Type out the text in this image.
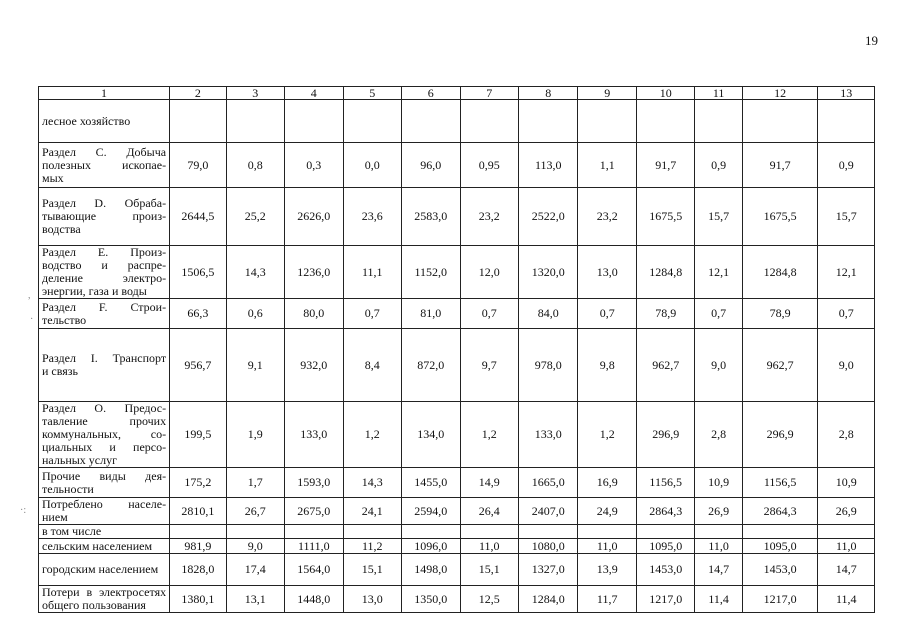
19
,
·
·:
1	2	3	4	5	6	7	8	9	10	11	12	13

лесное хозяйство												

Раздел C. Добыча
полезных ископае-
мых	79,0	0,8	0,3	0,0	96,0	0,95	113,0	1,1	91,7	0,9	91,7	0,9

Раздел D. Обраба-
тывающие произ-
водства	2644,5	25,2	2626,0	23,6	2583,0	23,2	2522,0	23,2	1675,5	15,7	1675,5	15,7

Раздел E. Произ-
водство и распре-
деление электро-
энергии, газа и воды	1506,5	14,3	1236,0	11,1	1152,0	12,0	1320,0	13,0	1284,8	12,1	1284,8	12,1

Раздел F. Строи-
тельство	66,3	0,6	80,0	0,7	81,0	0,7	84,0	0,7	78,9	0,7	78,9	0,7

Раздел I. Транспорт
и связь	956,7	9,1	932,0	8,4	872,0	9,7	978,0	9,8	962,7	9,0	962,7	9,0

Раздел O. Предос-
тавление прочих
коммунальных, со-
циальных и персо-
нальных услуг	199,5	1,9	133,0	1,2	134,0	1,2	133,0	1,2	296,9	2,8	296,9	2,8

Прочие виды дея-
тельности	175,2	1,7	1593,0	14,3	1455,0	14,9	1665,0	16,9	1156,5	10,9	1156,5	10,9

Потреблено населе-
нием	2810,1	26,7	2675,0	24,1	2594,0	26,4	2407,0	24,9	2864,3	26,9	2864,3	26,9

в том числе												

сельским населением	981,9	9,0	1111,0	11,2	1096,0	11,0	1080,0	11,0	1095,0	11,0	1095,0	11,0

городским населением	1828,0	17,4	1564,0	15,1	1498,0	15,1	1327,0	13,9	1453,0	14,7	1453,0	14,7

Потери в электросетях
общего пользования	1380,1	13,1	1448,0	13,0	1350,0	12,5	1284,0	11,7	1217,0	11,4	1217,0	11,4
